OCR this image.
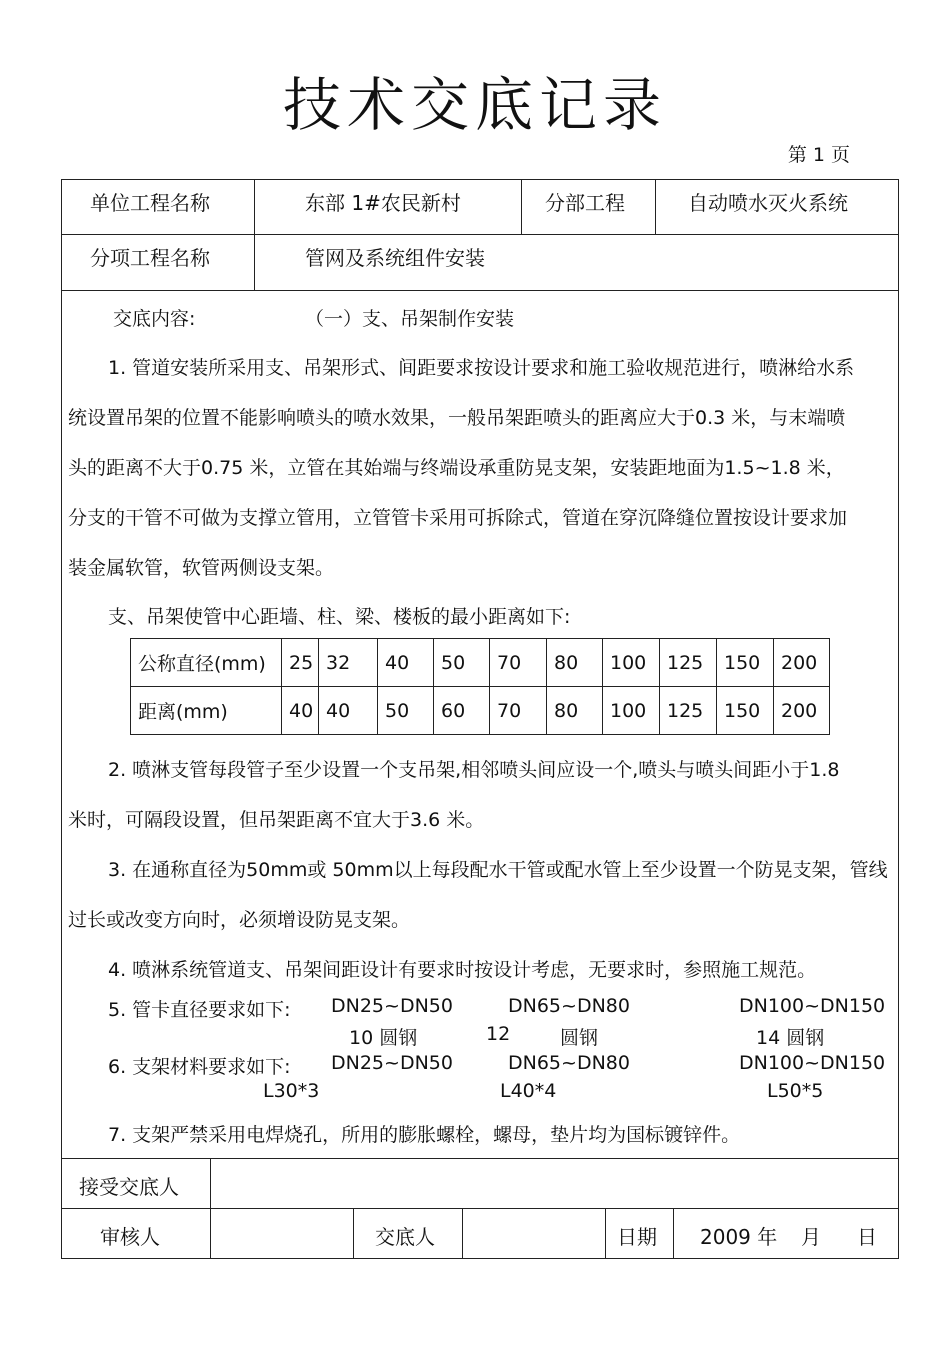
技术交底记录
第 1 页
单位工程名称	东部 1#农民新村	分部工程	自动喷水灭火系统
分项工程名称	管网及系统组件安装
交底内容:	（一）支、吊架制作安装
1. 管道安装所采用支、吊架形式、间距要求按设计要求和施工验收规范进行，喷淋给水系
统设置吊架的位置不能影响喷头的喷水效果，一般吊架距喷头的距离应大于0.3 米，与末端喷
头的距离不大于0.75 米，立管在其始端与终端设承重防晃支架，安装距地面为1.5~1.8 米，
分支的干管不可做为支撑立管用，立管管卡采用可拆除式，管道在穿沉降缝位置按设计要求加
装金属软管，软管两侧设支架。
支、吊架使管中心距墙、柱、梁、楼板的最小距离如下:
公称直径(mm)	25	32	40	50	70	80	100	125	150	200
距离(mm)	40	40	50	60	70	80	100	125	150	200
2. 喷淋支管每段管子至少设置一个支吊架,相邻喷头间应设一个,喷头与喷头间距小于1.8
米时，可隔段设置，但吊架距离不宜大于3.6 米。
3. 在通称直径为50mm或 50mm以上每段配水干管或配水管上至少设置一个防晃支架，管线
过长或改变方向时，必须增设防晃支架。
4. 喷淋系统管道支、吊架间距设计有要求时按设计考虑，无要求时，参照施工规范。
5. 管卡直径要求如下: DN25~DN50	DN65~DN80	DN100~DN150
10 圆钢	12	圆钢	14 圆钢
6. 支架材料要求如下: DN25~DN50	DN65~DN80	DN100~DN150
L30*3	L40*4	L50*5
7. 支架严禁采用电焊烧孔，所用的膨胀螺栓，螺母，垫片均为国标镀锌件。
接受交底人
审核人	交底人	日期 2009 年 月 日
